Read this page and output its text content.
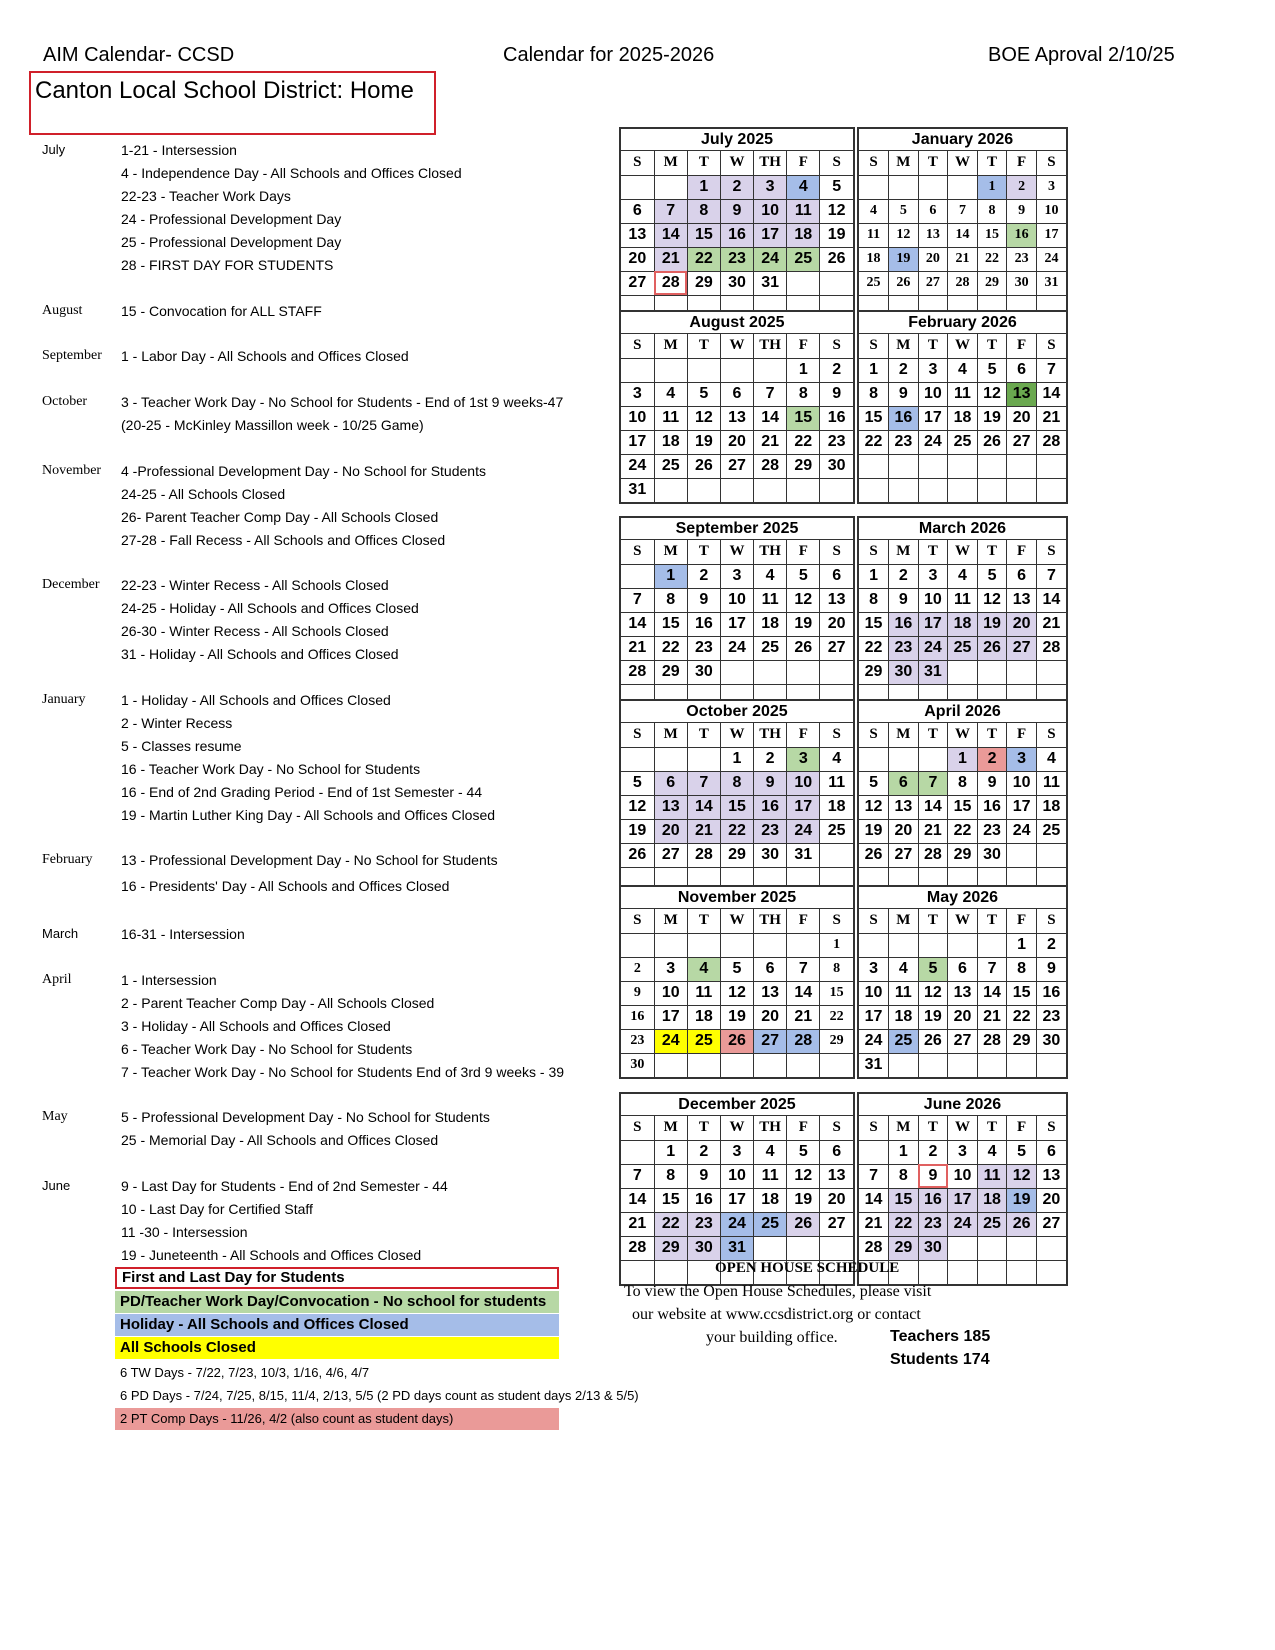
AIM Calendar- CCSD	Calendar for 2025-2026	BOE Aproval 2/10/25
Canton Local School District: Home
July	1-21 - Intersession
4 - Independence Day - All Schools and Offices Closed
22-23 - Teacher Work Days
24 - Professional Development Day
25 - Professional Development Day
28 - FIRST DAY FOR STUDENTS
August	15 - Convocation for ALL STAFF
September 1 - Labor Day - All Schools and Offices Closed
October 3 - Teacher Work Day - No School for Students - End of 1st 9 weeks-47
(20-25 - McKinley Massillon week - 10/25 Game)
November 4 -Professional Development Day - No School for Students
24-25 - All Schools Closed
26- Parent Teacher Comp Day - All Schools Closed
27-28 - Fall Recess - All Schools and Offices Closed
December 22-23 - Winter Recess - All Schools Closed
24-25 - Holiday - All Schools and Offices Closed
26-30 - Winter Recess - All Schools Closed
31 - Holiday - All Schools and Offices Closed
January	1 - Holiday - All Schools and Offices Closed
2 - Winter Recess
5 - Classes resume
16 - Teacher Work Day - No School for Students
16 - End of 2nd Grading Period - End of 1st Semester - 44
19 - Martin Luther King Day - All Schools and Offices Closed
February 13 - Professional Development Day - No School for Students
16 - Presidents' Day - All Schools and Offices Closed
March	16-31 - Intersession
April	1 - Intersession
2 - Parent Teacher Comp Day - All Schools Closed
3 - Holiday - All Schools and Offices Closed
6 - Teacher Work Day - No School for Students
7 - Teacher Work Day - No School for Students End of 3rd 9 weeks - 39
May	5 - Professional Development Day - No School for Students
25 - Memorial Day - All Schools and Offices Closed
June	9 - Last Day for Students - End of 2nd Semester - 44
10 - Last Day for Certified Staff
11 -30 - Intersession
19 - Juneteenth - All Schools and Offices Closed
July 2025
S	M	T	W	TH	F	S
		1	2	3	4	5
6	7	8	9	10	11	12
13	14	15	16	17	18	19
20	21	22	23	24	25	26
27	28	29	30	31		

January 2026
S	M	T	W	T	F	S
				1	2	3
4	5	6	7	8	9	10
11	12	13	14	15	16	17
18	19	20	21	22	23	24
25	26	27	28	29	30	31

August 2025
S	M	T	W	TH	F	S
					1	2
3	4	5	6	7	8	9
10	11	12	13	14	15	16
17	18	19	20	21	22	23
24	25	26	27	28	29	30
31						
February 2026
S	M	T	W	T	F	S
1	2	3	4	5	6	7
8	9	10	11	12	13	14
15	16	17	18	19	20	21
22	23	24	25	26	27	28

September 2025
S	M	T	W	TH	F	S
	1	2	3	4	5	6
7	8	9	10	11	12	13
14	15	16	17	18	19	20
21	22	23	24	25	26	27
28	29	30				

March 2026
S	M	T	W	T	F	S
1	2	3	4	5	6	7
8	9	10	11	12	13	14
15	16	17	18	19	20	21
22	23	24	25	26	27	28
29	30	31				

October 2025
S	M	T	W	TH	F	S
			1	2	3	4
5	6	7	8	9	10	11
12	13	14	15	16	17	18
19	20	21	22	23	24	25
26	27	28	29	30	31	

April 2026
S	M	T	W	T	F	S
			1	2	3	4
5	6	7	8	9	10	11
12	13	14	15	16	17	18
19	20	21	22	23	24	25
26	27	28	29	30		

November 2025
S	M	T	W	TH	F	S
						1
2	3	4	5	6	7	8
9	10	11	12	13	14	15
16	17	18	19	20	21	22
23	24	25	26	27	28	29
30						
May 2026
S	M	T	W	T	F	S
					1	2
3	4	5	6	7	8	9
10	11	12	13	14	15	16
17	18	19	20	21	22	23
24	25	26	27	28	29	30
31						
December 2025
S	M	T	W	TH	F	S
	1	2	3	4	5	6
7	8	9	10	11	12	13
14	15	16	17	18	19	20
21	22	23	24	25	26	27
28	29	30	31			

June 2026
S	M	T	W	T	F	S
	1	2	3	4	5	6
7	8	9	10	11	12	13
14	15	16	17	18	19	20
21	22	23	24	25	26	27
28	29	30				

First and Last Day for Students
PD/Teacher Work Day/Convocation - No school for students
Holiday - All Schools and Offices Closed
All Schools Closed
6 TW Days - 7/22, 7/23, 10/3, 1/16, 4/6, 4/7
6 PD Days - 7/24, 7/25, 8/15, 11/4, 2/13, 5/5 (2 PD days count as student days 2/13 & 5/5)
2 PT Comp Days - 11/26, 4/2 (also count as student days)
OPEN HOUSE SCHEDULE
To view the Open House Schedules, please visit
our website at www.ccsdistrict.org or contact
your building office.	Teachers 185
Students 174
